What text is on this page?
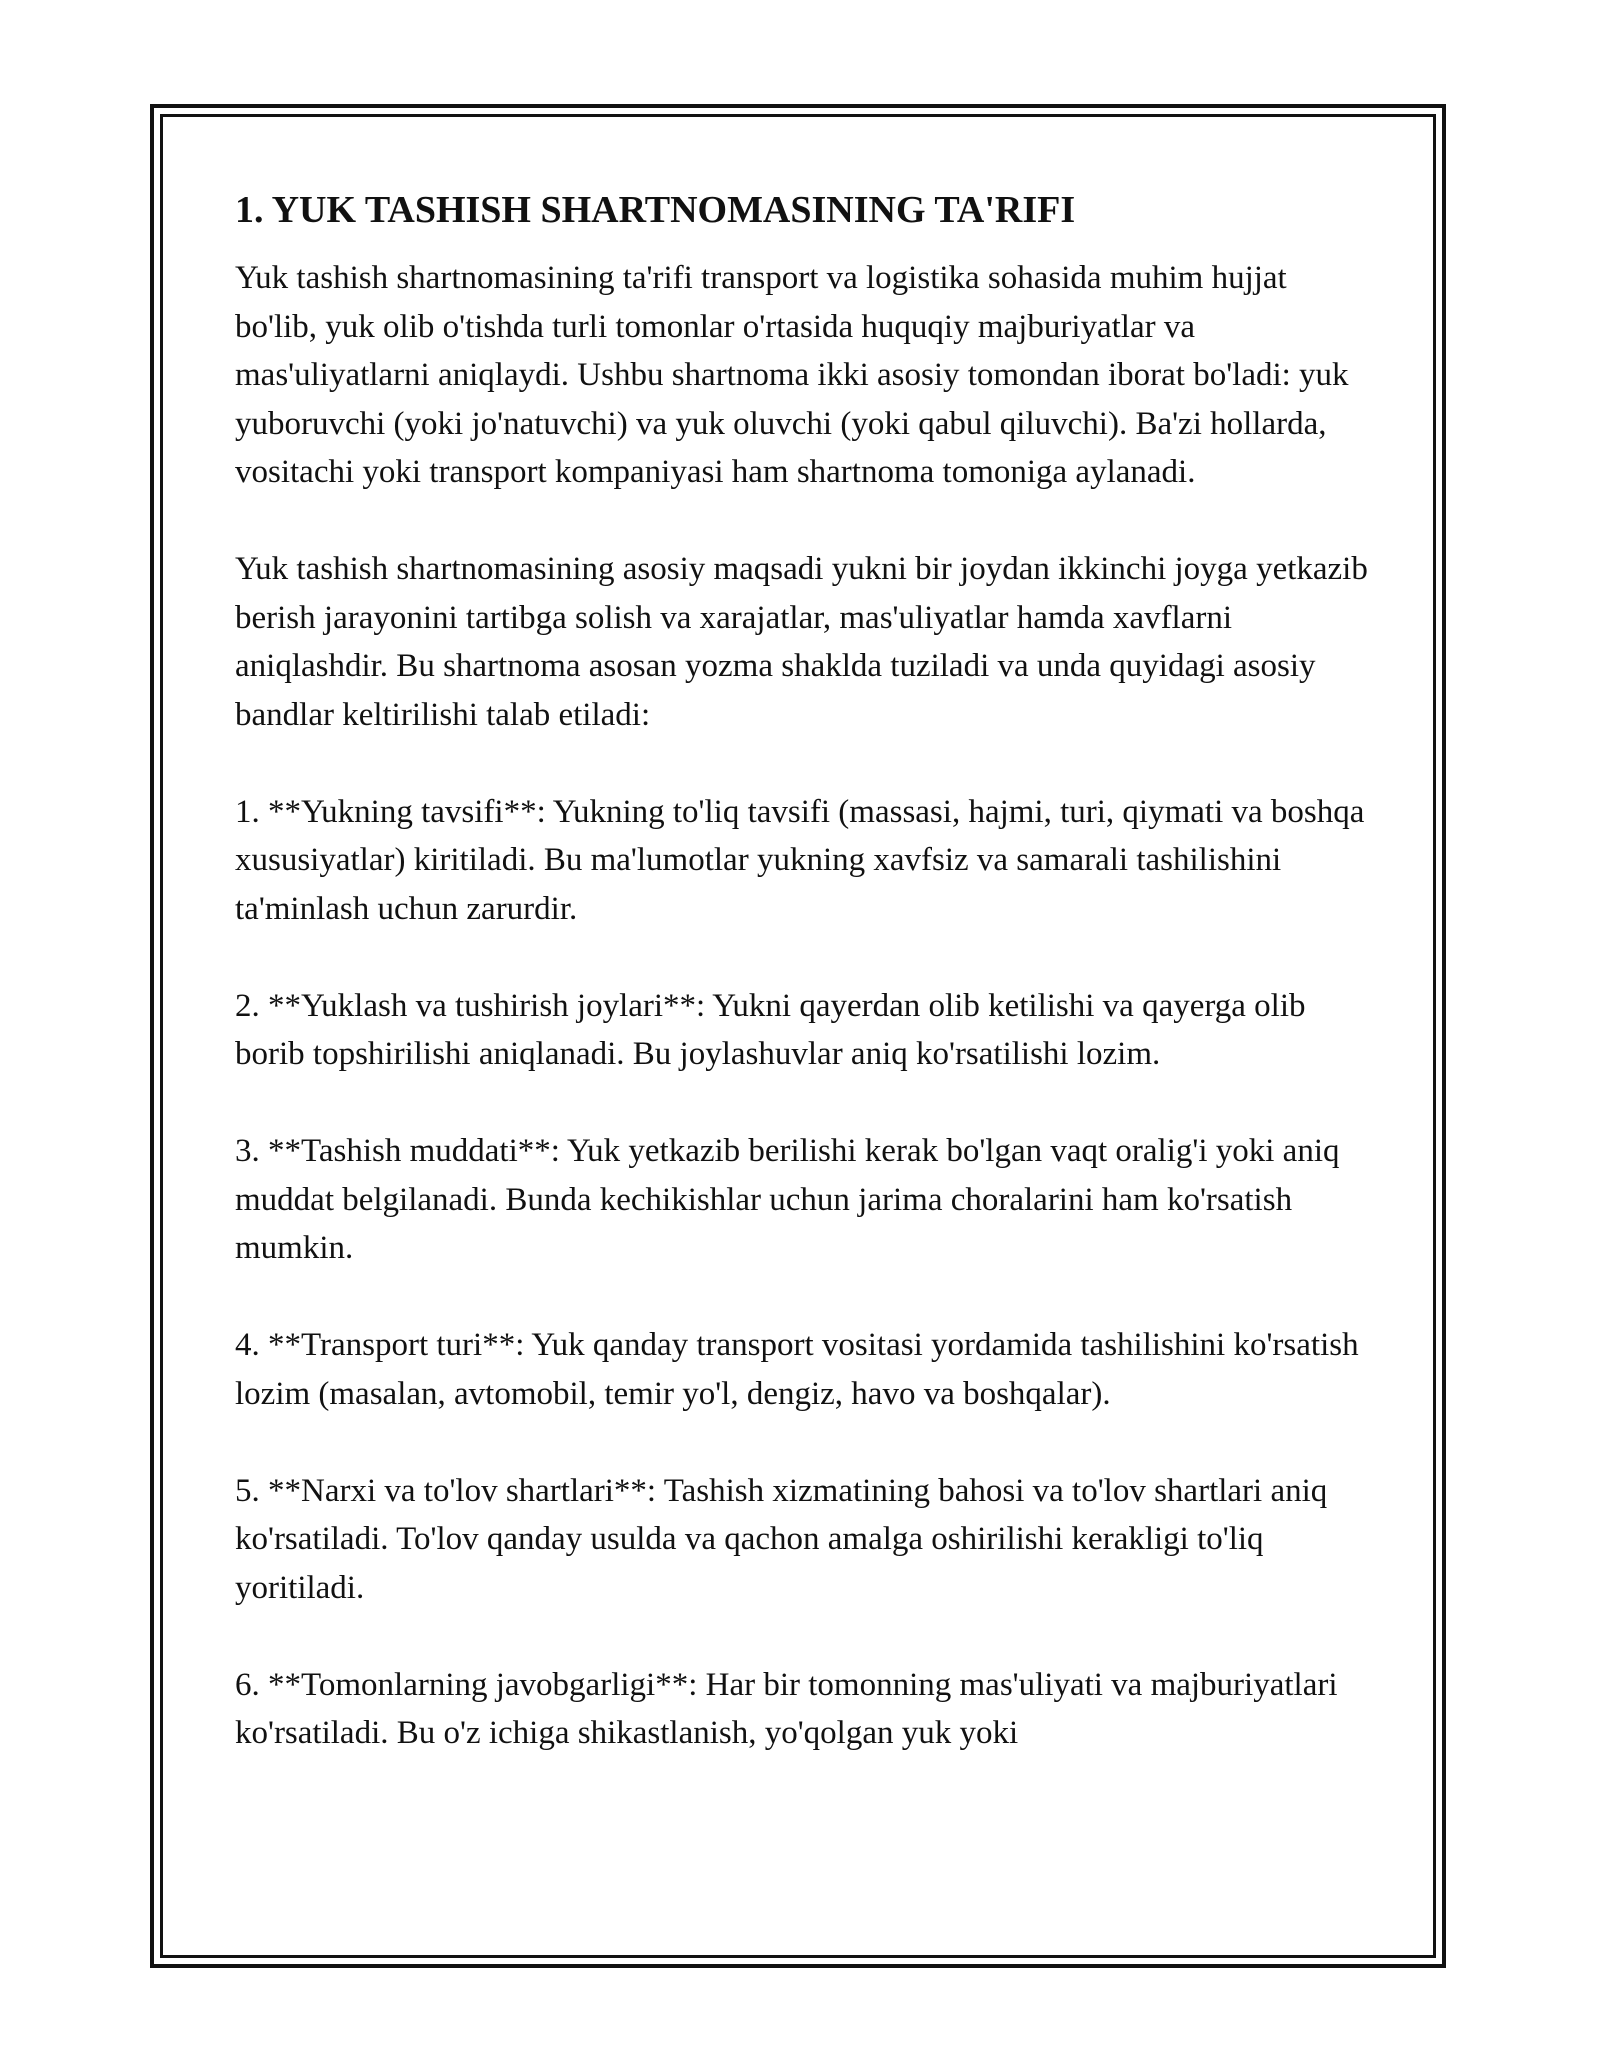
1. YUK TASHISH SHARTNOMASINING TA'RIFI

Yuk tashish shartnomasining ta'rifi transport va logistika sohasida muhim hujjat bo'lib, yuk olib o'tishda turli tomonlar o'rtasida huquqiy majburiyatlar va mas'uliyatlarni aniqlaydi. Ushbu shartnoma ikki asosiy tomondan iborat bo'ladi: yuk yuboruvchi (yoki jo'natuvchi) va yuk oluvchi (yoki qabul qiluvchi). Ba'zi hollarda, vositachi yoki transport kompaniyasi ham shartnoma tomoniga aylanadi.

Yuk tashish shartnomasining asosiy maqsadi yukni bir joydan ikkinchi joyga yetkazib berish jarayonini tartibga solish va xarajatlar, mas'uliyatlar hamda xavflarni aniqlashdir. Bu shartnoma asosan yozma shaklda tuziladi va unda quyidagi asosiy bandlar keltirilishi talab etiladi:

1. **Yukning tavsifi**: Yukning to'liq tavsifi (massasi, hajmi, turi, qiymati va boshqa xususiyatlar) kiritiladi. Bu ma'lumotlar yukning xavfsiz va samarali tashilishini ta'minlash uchun zarurdir.

2. **Yuklash va tushirish joylari**: Yukni qayerdan olib ketilishi va qayerga olib borib topshirilishi aniqlanadi. Bu joylashuvlar aniq ko'rsatilishi lozim.

3. **Tashish muddati**: Yuk yetkazib berilishi kerak bo'lgan vaqt oralig'i yoki aniq muddat belgilanadi. Bunda kechikishlar uchun jarima choralarini ham ko'rsatish mumkin.

4. **Transport turi**: Yuk qanday transport vositasi yordamida tashilishini ko'rsatish lozim (masalan, avtomobil, temir yo'l, dengiz, havo va boshqalar).

5. **Narxi va to'lov shartlari**: Tashish xizmatining bahosi va to'lov shartlari aniq ko'rsatiladi. To'lov qanday usulda va qachon amalga oshirilishi kerakligi to'liq yoritiladi.

6. **Tomonlarning javobgarligi**: Har bir tomonning mas'uliyati va majburiyatlari ko'rsatiladi. Bu o'z ichiga shikastlanish, yo'qolgan yuk yoki
